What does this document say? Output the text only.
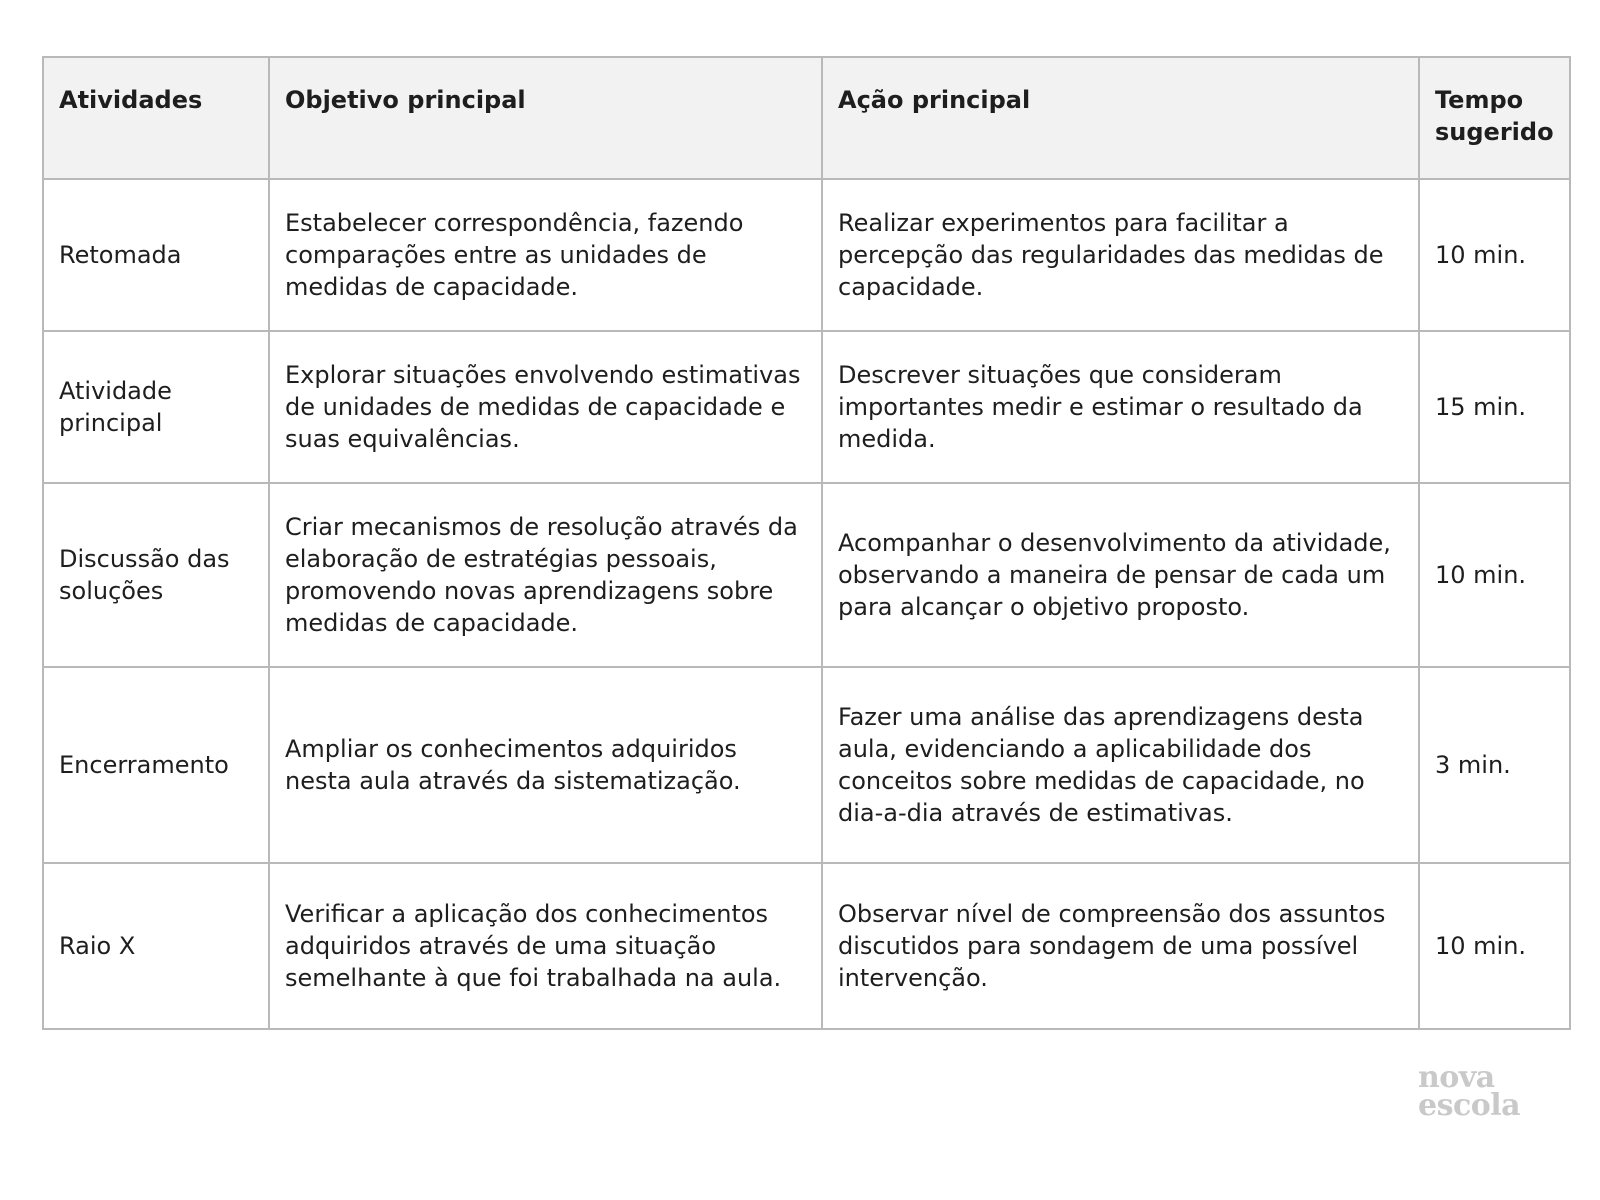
Atividades	Objetivo principal	Ação principal	Tempo sugerido
Retomada	Estabelecer correspondência, fazendo comparações entre as unidades de medidas de capacidade.	Realizar experimentos para facilitar a percepção das regularidades das medidas de capacidade.	10 min.
Atividade principal	Explorar situações envolvendo estimativas de unidades de medidas de capacidade e suas equivalências.	Descrever situações que consideram importantes medir e estimar o resultado da medida.	15 min.
Discussão das soluções	Criar mecanismos de resolução através da elaboração de estratégias pessoais, promovendo novas aprendizagens sobre medidas de capacidade.	Acompanhar o desenvolvimento da atividade, observando a maneira de pensar de cada um para alcançar o objetivo proposto.	10 min.
Encerramento	Ampliar os conhecimentos adquiridos nesta aula através da sistematização.	Fazer uma análise das aprendizagens desta aula, evidenciando a aplicabilidade dos conceitos sobre medidas de capacidade, no dia-a-dia através de estimativas.	3 min.
Raio X	Verificar a aplicação dos conhecimentos adquiridos através de uma situação semelhante à que foi trabalhada na aula.	Observar nível de compreensão dos assuntos discutidos para sondagem de uma possível intervenção.	10 min.
nova
escola
